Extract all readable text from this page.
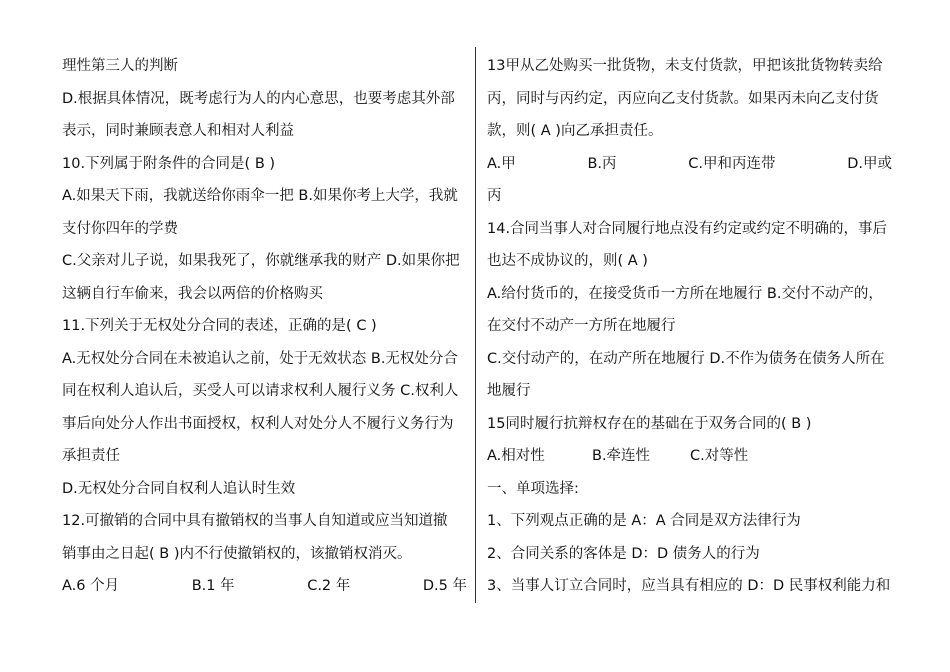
理性第三人的判断
D.根据具体情况，既考虑行为人的内心意思，也要考虑其外部
表示，同时兼顾表意人和相对人利益
10.下列属于附条件的合同是( B )
A.如果天下雨，我就送给你雨伞一把 B.如果你考上大学，我就
支付你四年的学费
C.父亲对儿子说，如果我死了，你就继承我的财产 D.如果你把
这辆自行车偷来，我会以两倍的价格购买
11.下列关于无权处分合同的表述，正确的是( C )
A.无权处分合同在未被追认之前，处于无效状态 B.无权处分合
同在权利人追认后，买受人可以请求权利人履行义务 C.权利人
事后向处分人作出书面授权，权利人对处分人不履行义务行为
承担责任
D.无权处分合同自权利人追认时生效
12.可撤销的合同中具有撤销权的当事人自知道或应当知道撤
销事由之日起( B )内不行使撤销权的，该撤销权消灭。
A.6 个月	B.1 年	C.2 年	D.5 年
13甲从乙处购买一批货物，未支付货款，甲把该批货物转卖给
丙，同时与丙约定，丙应向乙支付货款。如果丙未向乙支付货
款，则( A )向乙承担责任。
A.甲	B.丙	C.甲和丙连带	D.甲或
丙
14.合同当事人对合同履行地点没有约定或约定不明确的，事后
也达不成协议的，则( A )
A.给付货币的，在接受货币一方所在地履行 B.交付不动产的，
在交付不动产一方所在地履行
C.交付动产的，在动产所在地履行 D.不作为债务在债务人所在
地履行
15同时履行抗辩权存在的基础在于双务合同的( B )
A.相对性	B.牵连性	C.对等性
一、单项选择:
1、下列观点正确的是 A：A 合同是双方法律行为
2、合同关系的客体是 D：D 债务人的行为
3、当事人订立合同时，应当具有相应的 D：D 民事权利能力和
